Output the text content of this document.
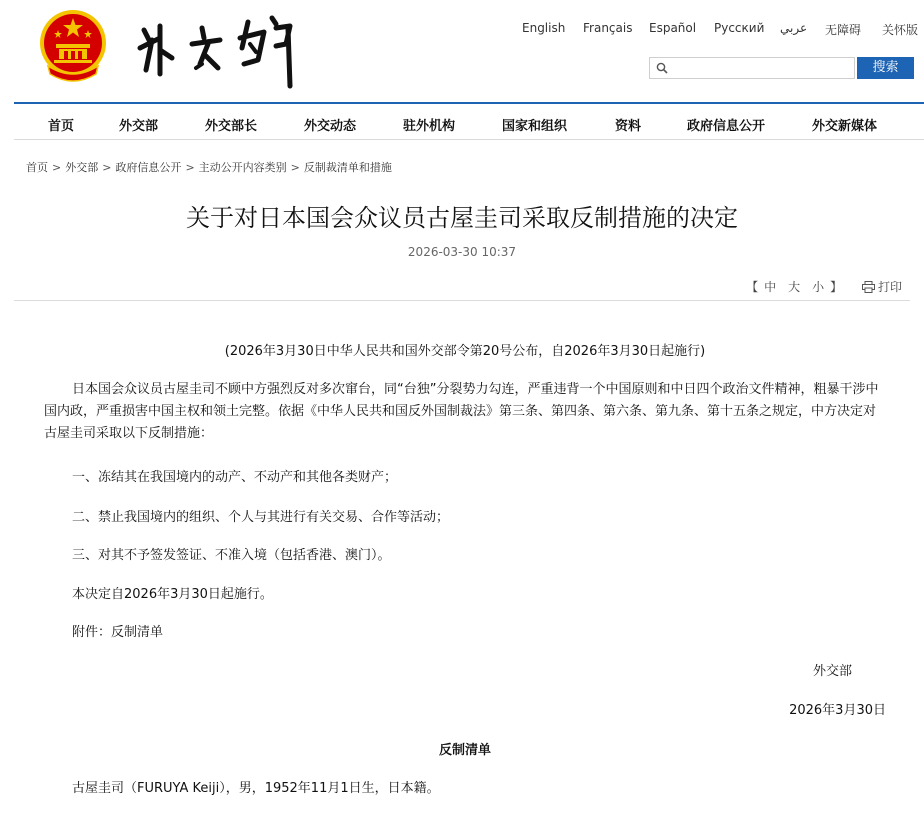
English Français Español Русский عربي 无障碍 关怀版
搜索
首页	外交部	外交部长	外交动态	驻外机构	国家和组织	资料	政府信息公开	外交新媒体
首页 > 外交部 > 政府信息公开 > 主动公开内容类别 > 反制裁清单和措施
关于对日本国会众议员古屋圭司采取反制措施的决定
2026-03-30 10:37
【 中 大 小 】	打印
(2026年3月30日中华人民共和国外交部令第20号公布，自2026年3月30日起施行)
日本国会众议员古屋圭司不顾中方强烈反对多次窜台，同“台独”分裂势力勾连，严重违背一个中国原则和中日四个政治文件精神，粗暴干涉中国内政，严重损害中国主权和领土完整。依据《中华人民共和国反外国制裁法》第三条、第四条、第六条、第九条、第十五条之规定，中方决定对古屋圭司采取以下反制措施：
一、冻结其在我国境内的动产、不动产和其他各类财产；
二、禁止我国境内的组织、个人与其进行有关交易、合作等活动；
三、对其不予签发签证、不准入境（包括香港、澳门）。
本决定自2026年3月30日起施行。
附件：反制清单
外交部
2026年3月30日
反制清单
古屋圭司（FURUYA Keiji），男，1952年11月1日生，日本籍。
